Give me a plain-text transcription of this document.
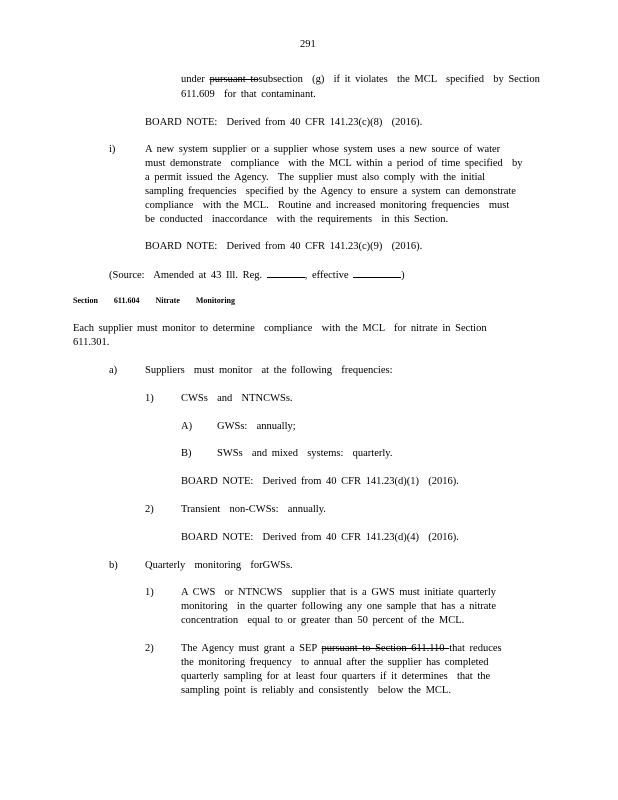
291
under pursuant tosubsection  (g)  if it violates  the MCL  specified  by Section
611.609  for that contaminant.
BOARD NOTE:  Derived from 40 CFR 141.23(c)(8)  (2016).
i)	A new system supplier or a supplier whose system uses a new source of water
must demonstrate  compliance  with the MCL within a period of time specified  by
a permit issued the Agency.  The supplier must also comply with the initial
sampling frequencies  specified by the Agency to ensure a system can demonstrate
compliance  with the MCL.  Routine and increased monitoring frequencies  must
be conducted  inaccordance  with the requirements  in this Section.
BOARD NOTE:  Derived from 40 CFR 141.23(c)(9)  (2016).
(Source:  Amended at 43 Ill. Reg.	, effective	)
Section 611.604 Nitrate Monitoring
Each supplier must monitor to determine  compliance  with the MCL  for nitrate in Section
611.301.
a)	Suppliers  must monitor  at the following  frequencies:
1)	CWSs  and  NTNCWSs.
A) GWSs:  annually;
B) SWSs  and mixed  systems:  quarterly.
BOARD NOTE:  Derived from 40 CFR 141.23(d)(1)  (2016).
2)	Transient  non-CWSs:  annually.
BOARD NOTE:  Derived from 40 CFR 141.23(d)(4)  (2016).
b)	Quarterly  monitoring  forGWSs.
1)	A CWS  or NTNCWS  supplier that is a GWS must initiate quarterly
monitoring  in the quarter following any one sample that has a nitrate
concentration  equal to or greater than 50 percent of the MCL.
2)	The Agency must grant a SEP pursuant to Section 611.110 that reduces
the monitoring frequency  to annual after the supplier has completed
quarterly sampling for at least four quarters if it determines  that the
sampling point is reliably and consistently  below the MCL.
